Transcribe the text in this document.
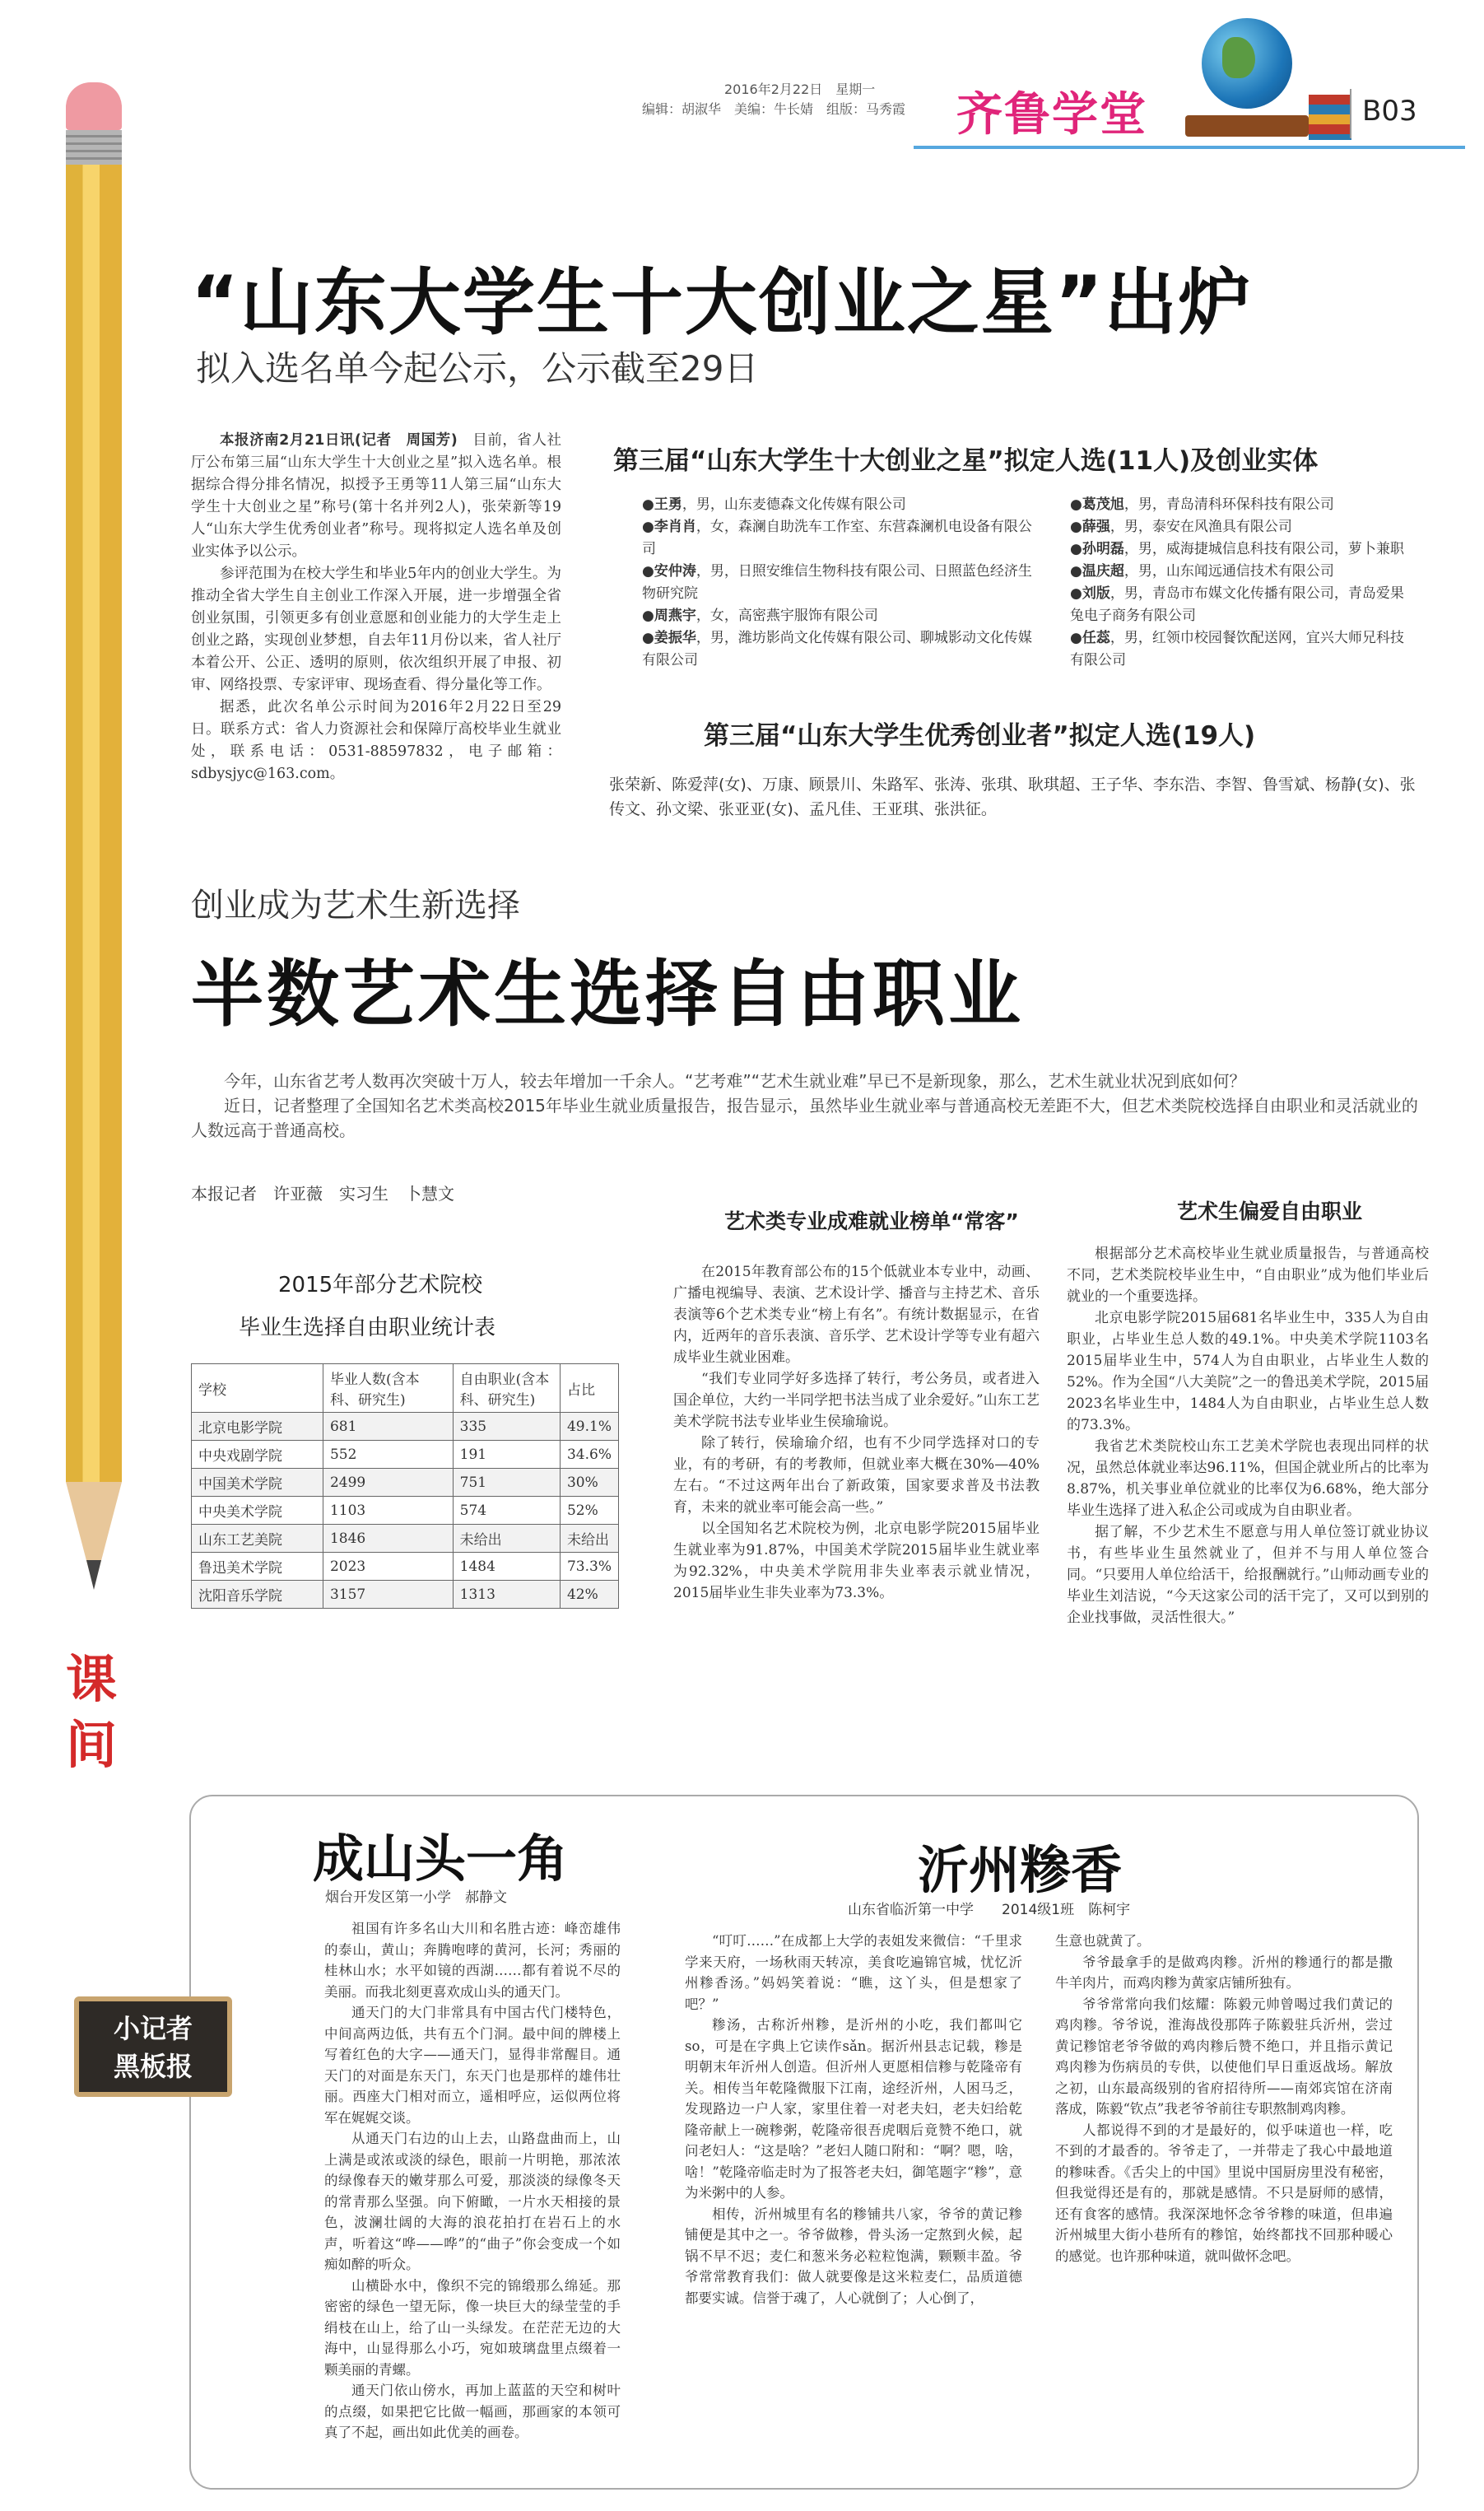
课
间
2016年2月22日　星期一
编辑：胡淑华　美编：牛长婧　组版：马秀霞 齐鲁学堂	B03
“山东大学生十大创业之星”出炉
拟入选名单今起公示，公示截至29日

本报济南2月21日讯(记者　周国芳)　 目前，省人社厅公布第三届“山东大学生十大创业之星”拟入选名单。根据综合得分排名情况，拟授予王勇等11人第三届“山东大学生十大创业之星”称号(第十名并列2人)，张荣新等19人“山东大学生优秀创业者”称号。现将拟定人选名单及创业实体予以公示。

参评范围为在校大学生和毕业5年内的创业大学生。为推动全省大学生自主创业工作深入开展，进一步增强全省创业氛围，引领更多有创业意愿和创业能力的大学生走上创业之路，实现创业梦想，自去年11月份以来，省人社厅本着公开、公正、透明的原则，依次组织开展了申报、初审、网络投票、专家评审、现场查看、得分量化等工作。

据悉，此次名单公示时间为2016年2月22日至29日。联系方式：省人力资源社会和保障厅高校毕业生就业处，联系电话：0531-88597832，电子邮箱：sdbysjyc@163.com。

第三届“山东大学生十大创业之星”拟定人选(11人)及创业实体
●王勇，男，山东麦德森文化传媒有限公司
●李肖肖，女，森澜自助洗车工作室、东营森澜机电设备有限公司
●安仲涛，男，日照安维信生物科技有限公司、日照蓝色经济生物研究院
●周燕宇，女，高密燕宇服饰有限公司
●姜振华，男，潍坊影尚文化传媒有限公司、聊城影动文化传媒有限公司
●葛茂旭，男，青岛清科环保科技有限公司
●薛强，男，泰安在风渔具有限公司
●孙明磊，男，威海捷城信息科技有限公司，萝卜兼职
●温庆超，男，山东闻远通信技术有限公司
●刘版，男，青岛市布媒文化传播有限公司，青岛爱果兔电子商务有限公司
●任蕊，男，红领巾校园餐饮配送网，宜兴大师兄科技有限公司
第三届“山东大学生优秀创业者”拟定人选(19人)
张荣新、陈爱萍(女)、万康、顾景川、朱路军、张涛、张琪、耿琪超、王子华、李东浩、李智、鲁雪斌、杨静(女)、张传文、孙文梁、张亚亚(女)、孟凡佳、王亚琪、张洪征。
创业成为艺术生新选择
半数艺术生选择自由职业
今年，山东省艺考人数再次突破十万人，较去年增加一千余人。“艺考难”“艺术生就业难”早已不是新现象，那么，艺术生就业状况到底如何？
近日，记者整理了全国知名艺术类高校2015年毕业生就业质量报告，报告显示，虽然毕业生就业率与普通高校无差距不大，但艺术类院校选择自由职业和灵活就业的人数远高于普通高校。
本报记者　许亚薇　实习生　卜慧文
2015年部分艺术院校
毕业生选择自由职业统计表
学校	毕业人数(含本科、研究生)	自由职业(含本科、研究生)	占比
北京电影学院	681	335	49.1%
中央戏剧学院	552	191	34.6%
中国美术学院	2499	751	30%
中央美术学院	1103	574	52%
山东工艺美院	1846	未给出	未给出
鲁迅美术学院	2023	1484	73.3%
沈阳音乐学院	3157	1313	42%
艺术类专业成难就业榜单“常客”

在2015年教育部公布的15个低就业本专业中，动画、广播电视编导、表演、艺术设计学、播音与主持艺术、音乐表演等6个艺术类专业“榜上有名”。有统计数据显示，在省内，近两年的音乐表演、音乐学、艺术设计学等专业有超六成毕业生就业困难。

“我们专业同学好多选择了转行，考公务员，或者进入国企单位，大约一半同学把书法当成了业余爱好。”山东工艺美术学院书法专业毕业生侯瑜瑜说。

除了转行，侯瑜瑜介绍，也有不少同学选择对口的专业，有的考研，有的考教师，但就业率大概在30%—40%左右。“不过这两年出台了新政策，国家要求普及书法教育，未来的就业率可能会高一些。”

以全国知名艺术院校为例，北京电影学院2015届毕业生就业率为91.87%，中国美术学院2015届毕业生就业率为92.32%，中央美术学院用非失业率表示就业情况，2015届毕业生非失业率为73.3%。

艺术生偏爱自由职业

根据部分艺术高校毕业生就业质量报告，与普通高校不同，艺术类院校毕业生中，“自由职业”成为他们毕业后就业的一个重要选择。

北京电影学院2015届681名毕业生中，335人为自由职业，占毕业生总人数的49.1%。中央美术学院1103名2015届毕业生中，574人为自由职业，占毕业生人数的52%。作为全国“八大美院”之一的鲁迅美术学院，2015届2023名毕业生中，1484人为自由职业，占毕业生总人数的73.3%。

我省艺术类院校山东工艺美术学院也表现出同样的状况，虽然总体就业率达96.11%，但国企就业所占的比率为8.87%，机关事业单位就业的比率仅为6.68%，绝大部分毕业生选择了进入私企公司或成为自由职业者。

据了解，不少艺术生不愿意与用人单位签订就业协议书，有些毕业生虽然就业了，但并不与用人单位签合同。“只要用人单位给活干，给报酬就行。”山师动画专业的毕业生刘洁说，“今天这家公司的活干完了，又可以到别的企业找事做，灵活性很大。”

小记者
黑板报
成山头一角
烟台开发区第一小学　郝静文

祖国有许多名山大川和名胜古迹：峰峦雄伟的泰山，黄山；奔腾咆哮的黄河，长河；秀丽的桂林山水；水平如镜的西湖……都有着说不尽的美丽。而我北刻更喜欢成山头的通天门。

通天门的大门非常具有中国古代门楼特色，中间高两边低，共有五个门洞。最中间的牌楼上写着红色的大字——通天门，显得非常醒目。通天门的对面是东天门，东天门也是那样的雄伟壮丽。西座大门相对而立，遥相呼应，运似两位将军在娓娓交谈。

从通天门右边的山上去，山路盘曲而上，山上满是或浓或淡的绿色，眼前一片明艳，那浓浓的绿像春天的嫩芽那么可爱，那淡淡的绿像冬天的常青那么坚强。向下俯瞰，一片水天相接的景色，波澜壮阔的大海的浪花拍打在岩石上的水声，听着这“哗——哗”的“曲子”你会变成一个如痴如醉的听众。

山横卧水中，像织不完的锦缎那么绵延。那密密的绿色一望无际，像一块巨大的绿莹莹的手绢枝在山上，给了山一头绿发。在茫茫无边的大海中，山显得那么小巧，宛如玻璃盘里点缀着一颗美丽的青螺。

通天门依山傍水，再加上蓝蓝的天空和树叶的点缀，如果把它比做一幅画，那画家的本领可真了不起，画出如此优美的画卷。

沂州糁香
山东省临沂第一中学　　2014级1班　陈柯宇

“叮叮……”在成都上大学的表姐发来微信：“千里求学来天府，一场秋雨天转凉，美食吃遍锦官城，忧忆沂州糁香汤。”妈妈笑着说：“瞧，这丫头，但是想家了吧？”

糁汤，古称沂州糁，是沂州的小吃，我们都叫它so，可是在字典上它读作sǎn。据沂州县志记载，糁是明朝末年沂州人创造。但沂州人更愿相信糁与乾隆帝有关。相传当年乾隆微服下江南，途经沂州，人困马乏，发现路边一户人家，家里住着一对老夫妇，老夫妇给乾隆帝献上一碗糁粥，乾隆帝很吾虎咽后竟赞不绝口，就问老妇人：“这是啥？”老妇人随口附和：“啊？嗯，啥，啥！”乾隆帝临走时为了报答老夫妇，御笔题字“糁”，意为米粥中的人参。

相传，沂州城里有名的糁铺共八家，爷爷的黄记糁铺便是其中之一。爷爷做糁，骨头汤一定熬到火候，起锅不早不迟；麦仁和葱米务必粒粒饱满，颗颗丰盈。爷爷常常教育我们：做人就要像是这米粒麦仁，品质道德都要实诚。信誉于魂了，人心就倒了；人心倒了，

生意也就黄了。

爷爷最拿手的是做鸡肉糁。沂州的糁通行的都是撒牛羊肉片，而鸡肉糁为黄家店铺所独有。

爷爷常常向我们炫耀：陈毅元帅曾喝过我们黄记的鸡肉糁。爷爷说，淮海战役那阵子陈毅驻兵沂州，尝过黄记糁馆老爷爷做的鸡肉糁后赞不绝口，并且指示黄记鸡肉糁为伤病员的专供，以使他们早日重返战场。解放之初，山东最高级别的省府招待所——南郊宾馆在济南落成，陈毅“钦点”我老爷爷前往专职熬制鸡肉糁。

人都说得不到的才是最好的，似乎味道也一样，吃不到的才最香的。爷爷走了，一并带走了我心中最地道的糁味香。《舌尖上的中国》里说中国厨房里没有秘密，但我觉得还是有的，那就是感情。不只是厨师的感情，还有食客的感情。我深深地怀念爷爷糁的味道，但串遍沂州城里大街小巷所有的糁馆，始终都找不回那种暖心的感觉。也许那种味道，就叫做怀念吧。
